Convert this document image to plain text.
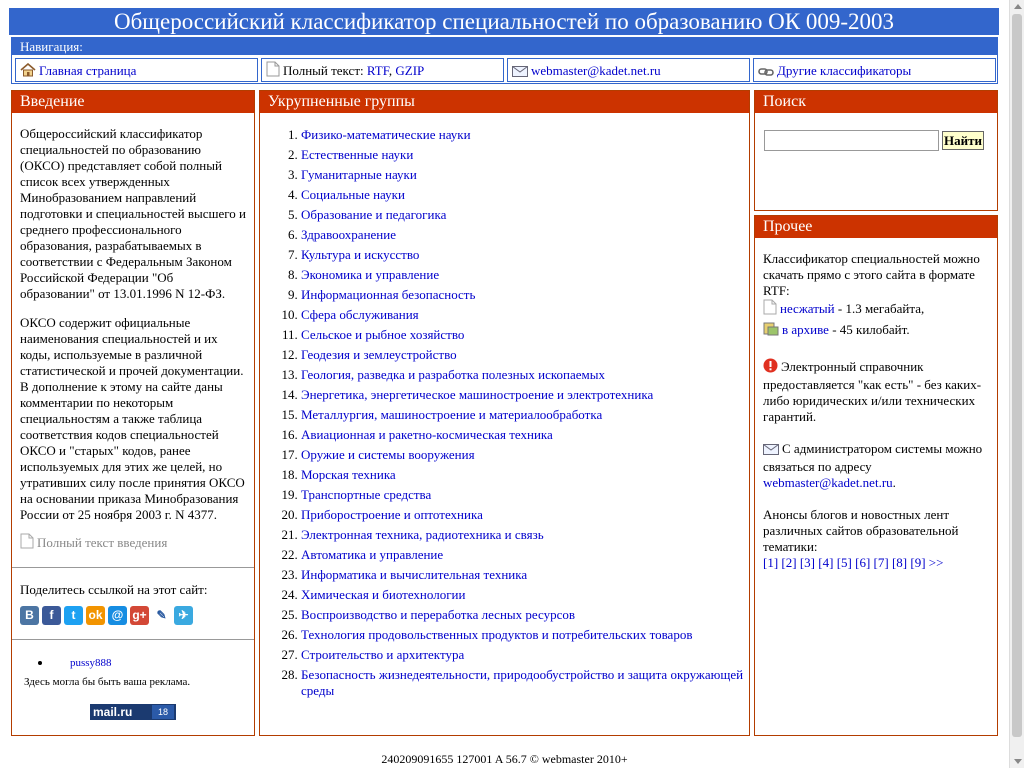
Общероссийский классификатор специальностей по образованию ОК 009-2003
Навигация:
Главная страница	Полный текст: RTF, GZIP	webmaster@kadet.net.ru	Другие классификаторы
Введение

Общероссийский классификатор специальностей по образованию (ОКСО) представляет собой полный список всех утвержденных Минобразованием направлений подготовки и специальностей высшего и среднего профессионального образования, разрабатываемых в соответствии с Федеральным Законом Российской Федерации "Об образовании" от 13.01.1996 N 12-ФЗ.

ОКСО содержит официальные наименования специальностей и их коды, используемые в различной статистической и прочей документации. В дополнение к этому на сайте даны комментарии по некоторым специальностям а также таблица соответствия кодов специальностей ОКСО и "старых" кодов, ранее используемых для этих же целей, но утративших силу после принятия ОКСО на основании приказа Минобразования России от 25 ноября 2003 г. N 4377.

Полный текст введения
Поделитесь ссылкой на этот сайт:
В	f	t	ok @ g+ ✎ ✈
pussy888
Здесь могла бы быть ваша реклама.
mail.ru	18
Укрупненные группы
1. Физико-математические науки
2. Естественные науки
3. Гуманитарные науки
4. Социальные науки
5. Образование и педагогика
6. Здравоохранение
7. Культура и искусство
8. Экономика и управление
9. Информационная безопасность
10. Сфера обслуживания
11. Сельское и рыбное хозяйство
12. Геодезия и землеустройство
13. Геология, разведка и разработка полезных ископаемых
14. Энергетика, энергетическое машиностроение и электротехника
15. Металлургия, машиностроение и материалообработка
16. Авиационная и ракетно-космическая техника
17. Оружие и системы вооружения
18. Морская техника
19. Транспортные средства
20. Приборостроение и оптотехника
21. Электронная техника, радиотехника и связь
22. Автоматика и управление
23. Информатика и вычислительная техника
24. Химическая и биотехнологии
25. Воспроизводство и переработка лесных ресурсов
26. Технология продовольственных продуктов и потребительских товаров
27. Строительство и архитектура
28. Безопасность жизнедеятельности, природообустройство и защита окружающей среды
Поиск
Найти
Прочее

Классификатор специальностей можно скачать прямо с этого сайта в формате RTF:

несжатый - 1.3 мегабайта,
в архиве - 45 килобайт.

Электронный справочник предоставляется "как есть" - без каких-либо юридических и/или технических гарантий.

С администратором системы можно связаться по адресу webmaster@kadet.net.ru.

Анонсы блогов и новостных лент различных сайтов образовательной тематики:

[1] [2] [3] [4] [5] [6] [7] [8] [9] >>
240209091655 127001 A 56.7 © webmaster 2010+
